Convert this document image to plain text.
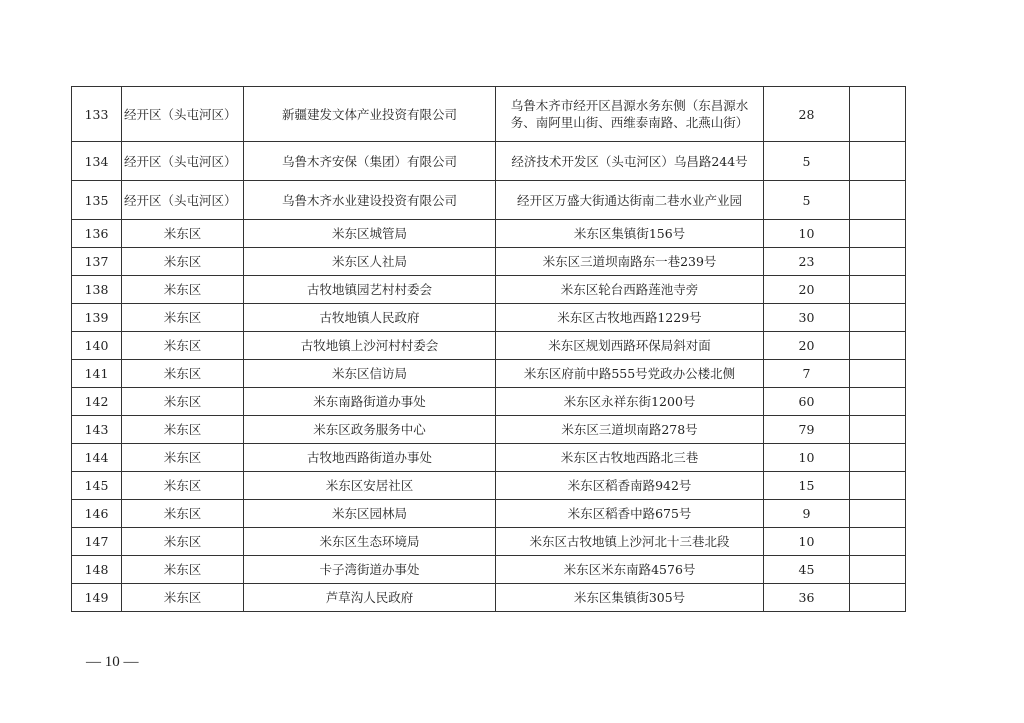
133	经开区（头屯河区）	新疆建发文体产业投资有限公司	乌鲁木齐市经开区昌源水务东侧（东昌源水务、南阿里山街、西维泰南路、北燕山街）	28	
134	经开区（头屯河区）	乌鲁木齐安保（集团）有限公司	经济技术开发区（头屯河区）乌昌路244号	5	
135	经开区（头屯河区）	乌鲁木齐水业建设投资有限公司	经开区万盛大街通达街南二巷水业产业园	5	
136	米东区	米东区城管局	米东区集镇街156号	10	
137	米东区	米东区人社局	米东区三道坝南路东一巷239号	23	
138	米东区	古牧地镇园艺村村委会	米东区轮台西路莲池寺旁	20	
139	米东区	古牧地镇人民政府	米东区古牧地西路1229号	30	
140	米东区	古牧地镇上沙河村村委会	米东区规划西路环保局斜对面	20	
141	米东区	米东区信访局	米东区府前中路555号党政办公楼北侧	7	
142	米东区	米东南路街道办事处	米东区永祥东街1200号	60	
143	米东区	米东区政务服务中心	米东区三道坝南路278号	79	
144	米东区	古牧地西路街道办事处	米东区古牧地西路北三巷	10	
145	米东区	米东区安居社区	米东区稻香南路942号	15	
146	米东区	米东区园林局	米东区稻香中路675号	9	
147	米东区	米东区生态环境局	米东区古牧地镇上沙河北十三巷北段	10	
148	米东区	卡子湾街道办事处	米东区米东南路4576号	45	
149	米东区	芦草沟人民政府	米东区集镇街305号	36	
— 10 —
